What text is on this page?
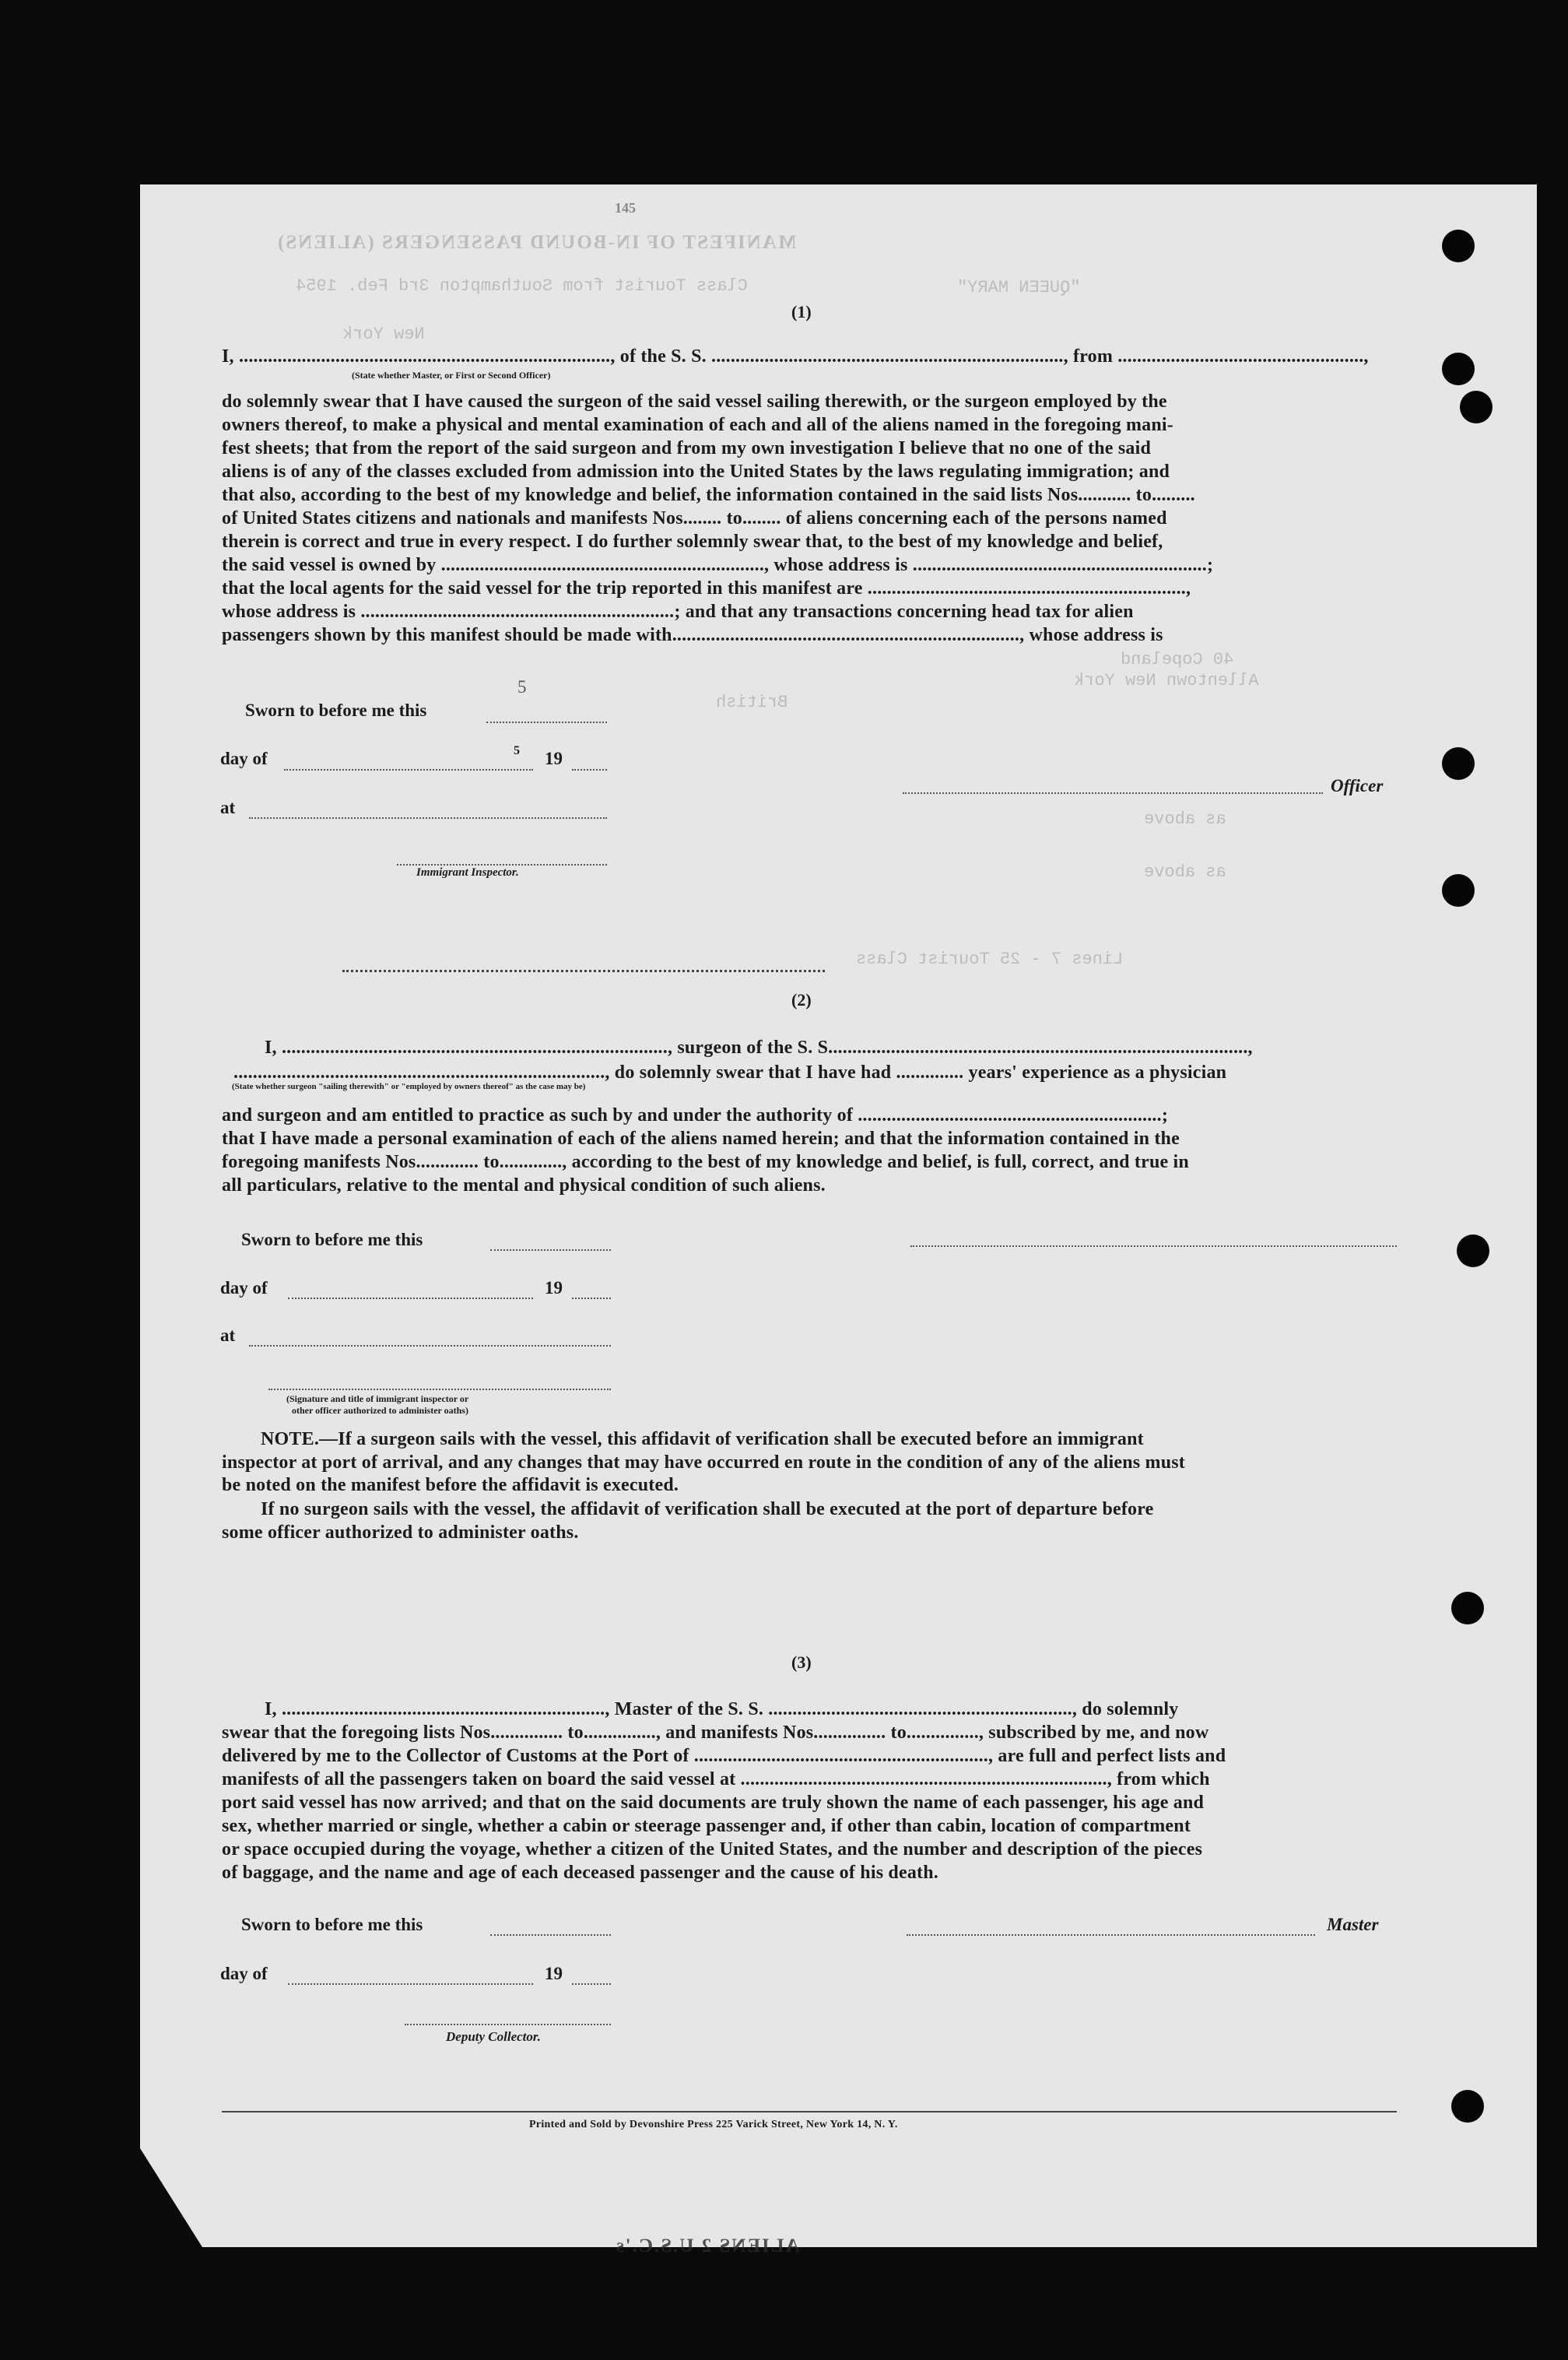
MANIFEST OF IN-BOUND PASSENGERS (ALIENS)
Class Tourist from Southampton 3rd Feb. 1954
New York
"QUEEN MARY"
40 Copeland
Allentown New York
British
as above
as above
Lines 7 - 25 Tourist Class
ALIENS 2 U.S.C.'s
145
(1)
I, ............................................................................., of the S. S. ........................................................................., from ...................................................,
(State whether Master, or First or Second Officer)
do solemnly swear that I have caused the surgeon of the said vessel sailing therewith, or the surgeon employed by the
owners thereof, to make a physical and mental examination of each and all of the aliens named in the foregoing mani-
fest sheets; that from the report of the said surgeon and from my own investigation I believe that no one of the said
aliens is of any of the classes excluded from admission into the United States by the laws regulating immigration; and
that also, according to the best of my knowledge and belief, the information contained in the said lists Nos........... to.........
of United States citizens and nationals and manifests Nos........ to........ of aliens concerning each of the persons named
therein is correct and true in every respect. I do further solemnly swear that, to the best of my knowledge and belief,
the said vessel is owned by ..................................................................., whose address is .............................................................;
that the local agents for the said vessel for the trip reported in this manifest are ..................................................................,
whose address is .................................................................; and that any transactions concerning head tax for alien
passengers shown by this manifest should be made with........................................................................, whose address is
Sworn to before me this
5
day of	5 19
at
Immigrant Inspector.
Officer
(2)
I, ................................................................................, surgeon of the S. S.......................................................................................,
............................................................................., do solemnly swear that I have had .............. years' experience as a physician
(State whether surgeon "sailing therewith" or "employed by owners thereof" as the case may be)
and surgeon and am entitled to practice as such by and under the authority of ...............................................................;
that I have made a personal examination of each of the aliens named herein; and that the information contained in the
foregoing manifests Nos............. to............., according to the best of my knowledge and belief, is full, correct, and true in
all particulars, relative to the mental and physical condition of such aliens.
Sworn to before me this
day of	19
at
(Signature and title of immigrant inspector or
other officer authorized to administer oaths)
NOTE.—If a surgeon sails with the vessel, this affidavit of verification shall be executed before an immigrant
inspector at port of arrival, and any changes that may have occurred en route in the condition of any of the aliens must
be noted on the manifest before the affidavit is executed.
If no surgeon sails with the vessel, the affidavit of verification shall be executed at the port of departure before
some officer authorized to administer oaths.
(3)
I, ..................................................................., Master of the S. S. ..............................................................., do solemnly
swear that the foregoing lists Nos............... to..............., and manifests Nos............... to..............., subscribed by me, and now
delivered by me to the Collector of Customs at the Port of ............................................................., are full and perfect lists and
manifests of all the passengers taken on board the said vessel at ............................................................................, from which
port said vessel has now arrived; and that on the said documents are truly shown the name of each passenger, his age and
sex, whether married or single, whether a cabin or steerage passenger and, if other than cabin, location of compartment
or space occupied during the voyage, whether a citizen of the United States, and the number and description of the pieces
of baggage, and the name and age of each deceased passenger and the cause of his death.
Sworn to before me this	Master
day of	19
Deputy Collector.
Printed and Sold by Devonshire Press 225 Varick Street, New York 14, N. Y.
